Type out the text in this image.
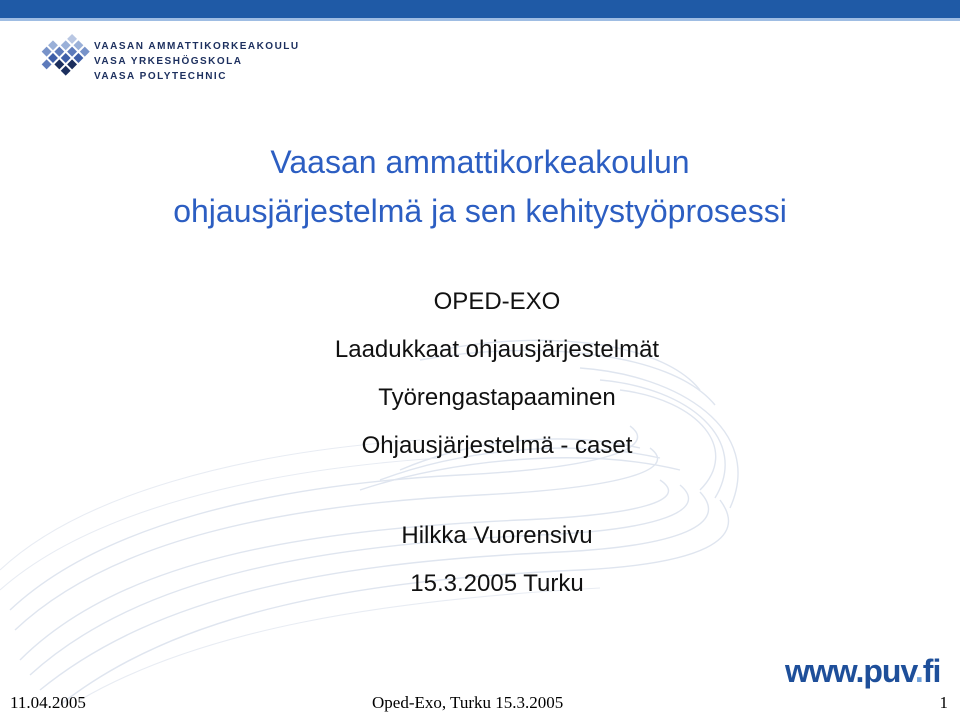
VAASAN AMMATTIKORKEAKOULU
VASA YRKESHÖGSKOLA
VAASA POLYTECHNIC
Vaasan ammattikorkeakoulun
ohjausjärjestelmä ja sen kehitystyöprosessi
OPED-EXO
Laadukkaat ohjausjärjestelmät
Työrengastapaaminen
Ohjausjärjestelmä - caset
Hilkka Vuorensivu
15.3.2005 Turku
www.puv.fi
11.04.2005	Oped-Exo, Turku 15.3.2005	1
